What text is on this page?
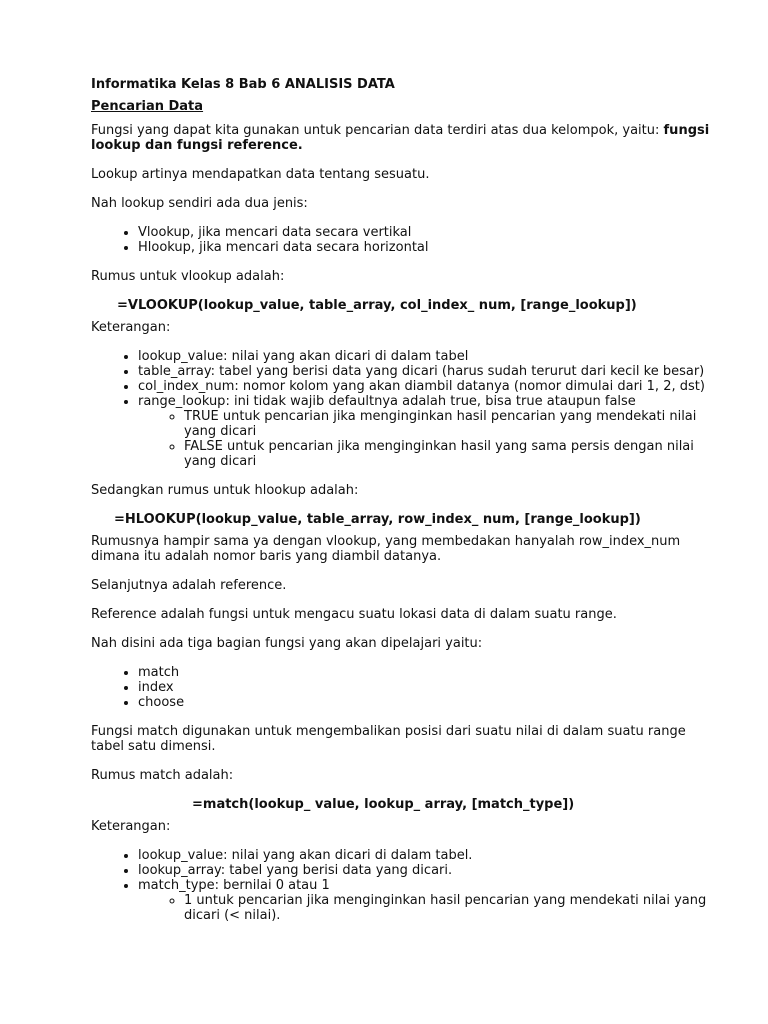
Informatika Kelas 8 Bab 6 ANALISIS DATA

Pencarian Data

Fungsi yang dapat kita gunakan untuk pencarian data terdiri atas dua kelompok, yaitu: fungsi lookup dan fungsi reference.

Lookup artinya mendapatkan data tentang sesuatu.

Nah lookup sendiri ada dua jenis:

• Vlookup, jika mencari data secara vertikal
• Hlookup, jika mencari data secara horizontal

Rumus untuk vlookup adalah:

=VLOOKUP(lookup_value, table_array, col_index_ num, [range_lookup])

Keterangan:

• lookup_value: nilai yang akan dicari di dalam tabel
• table_array: tabel yang berisi data yang dicari (harus sudah terurut dari kecil ke besar)
• col_index_num: nomor kolom yang akan diambil datanya (nomor dimulai dari 1, 2, dst)
• range_lookup: ini tidak wajib defaultnya adalah true, bisa true ataupun false
◦ TRUE untuk pencarian jika menginginkan hasil pencarian yang mendekati nilai yang dicari
◦ FALSE untuk pencarian jika menginginkan hasil yang sama persis dengan nilai yang dicari

Sedangkan rumus untuk hlookup adalah:

=HLOOKUP(lookup_value, table_array, row_index_ num, [range_lookup])

Rumusnya hampir sama ya dengan vlookup, yang membedakan hanyalah row_index_num dimana itu adalah nomor baris yang diambil datanya.

Selanjutnya adalah reference.

Reference adalah fungsi untuk mengacu suatu lokasi data di dalam suatu range.

Nah disini ada tiga bagian fungsi yang akan dipelajari yaitu:

• match
• index
• choose

Fungsi match digunakan untuk mengembalikan posisi dari suatu nilai di dalam suatu range tabel satu dimensi.

Rumus match adalah:

=match(lookup_ value, lookup_ array, [match_type])

Keterangan:

• lookup_value: nilai yang akan dicari di dalam tabel.
• lookup_array: tabel yang berisi data yang dicari.
• match_type: bernilai 0 atau 1
◦ 1 untuk pencarian jika menginginkan hasil pencarian yang mendekati nilai yang dicari (< nilai).
